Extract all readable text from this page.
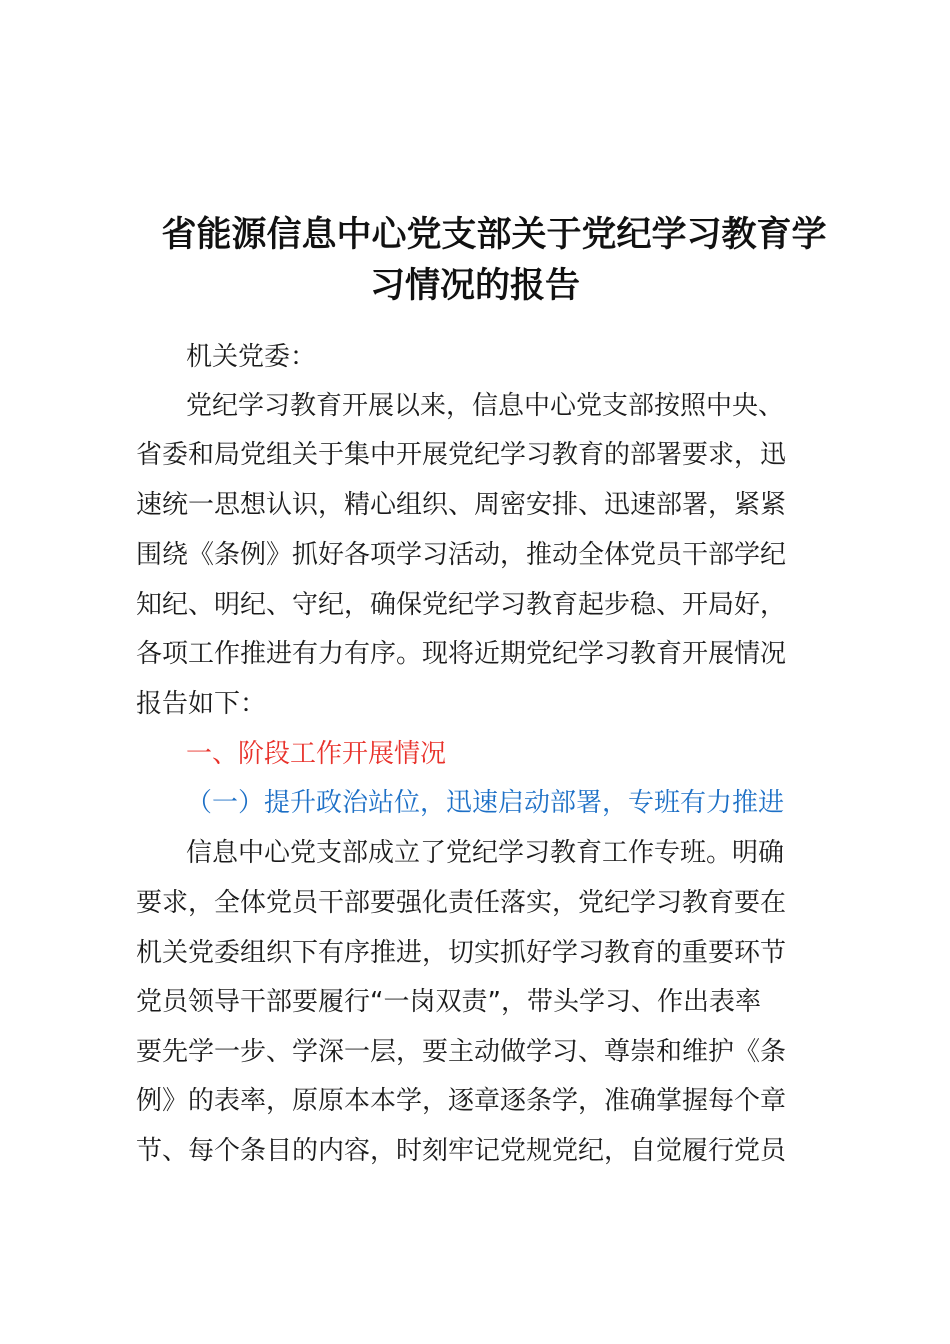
省能源信息中心党支部关于党纪学习教育学
习情况的报告
机关党委：
党纪学习教育开展以来，信息中心党支部按照中央、
省委和局党组关于集中开展党纪学习教育的部署要求，迅
速统一思想认识，精心组织、周密安排、迅速部署，紧紧
围绕《条例》抓好各项学习活动，推动全体党员干部学纪
知纪、明纪、守纪，确保党纪学习教育起步稳、开局好，
各项工作推进有力有序。现将近期党纪学习教育开展情况
报告如下：
一、阶段工作开展情况
（一）提升政治站位，迅速启动部署，专班有力推进
信息中心党支部成立了党纪学习教育工作专班。明确
要求，全体党员干部要强化责任落实，党纪学习教育要在
机关党委组织下有序推进，切实抓好学习教育的重要环节
党员领导干部要履行“一岗双责”，带头学习、作出表率
要先学一步、学深一层，要主动做学习、尊崇和维护《条
例》的表率，原原本本学，逐章逐条学，准确掌握每个章
节、每个条目的内容，时刻牢记党规党纪，自觉履行党员
